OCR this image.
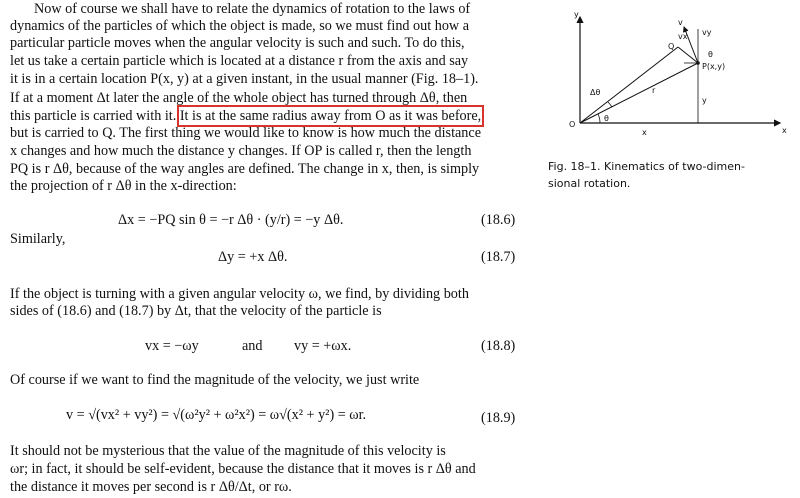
Now of course we shall have to relate the dynamics of rotation to the laws of
dynamics of the particles of which the object is made, so we must find out how a
particular particle moves when the angular velocity is such and such. To do this,
let us take a certain particle which is located at a distance r from the axis and say
it is in a certain location P(x, y) at a given instant, in the usual manner (Fig. 18–1).
If at a moment Δt later the angle of the whole object has turned through Δθ, then
this particle is carried with it. It is at the same radius away from O as it was before,
but is carried to Q. The first thing we would like to know is how much the distance
x changes and how much the distance y changes. If OP is called r, then the length
PQ is r Δθ, because of the way angles are defined. The change in x, then, is simply
the projection of r Δθ in the x-direction:
Δx = −PQ sin θ = −r Δθ · (y/r) = −y Δθ.	(18.6)
Similarly,
Δy = +x Δθ.	(18.7)
If the object is turning with a given angular velocity ω, we find, by dividing both
sides of (18.6) and (18.7) by Δt, that the velocity of the particle is
vx = −ωy	and vy = +ωx.	(18.8)
Of course if we want to find the magnitude of the velocity, we just write
v = √(vx² + vy²) = √(ω²y² + ω²x²) = ω√(x² + y²) = ωr.	(18.9)
It should not be mysterious that the value of the magnitude of this velocity is
ωr; in fact, it should be self-evident, because the distance that it moves is r Δθ and
the distance it moves per second is r Δθ/Δt, or rω.
y
x
O
P(x,y)
Q
r
x
y
Δθ
θ
v
vx vy
θ
Fig. 18–1. Kinematics of two-dimen-
sional rotation.
